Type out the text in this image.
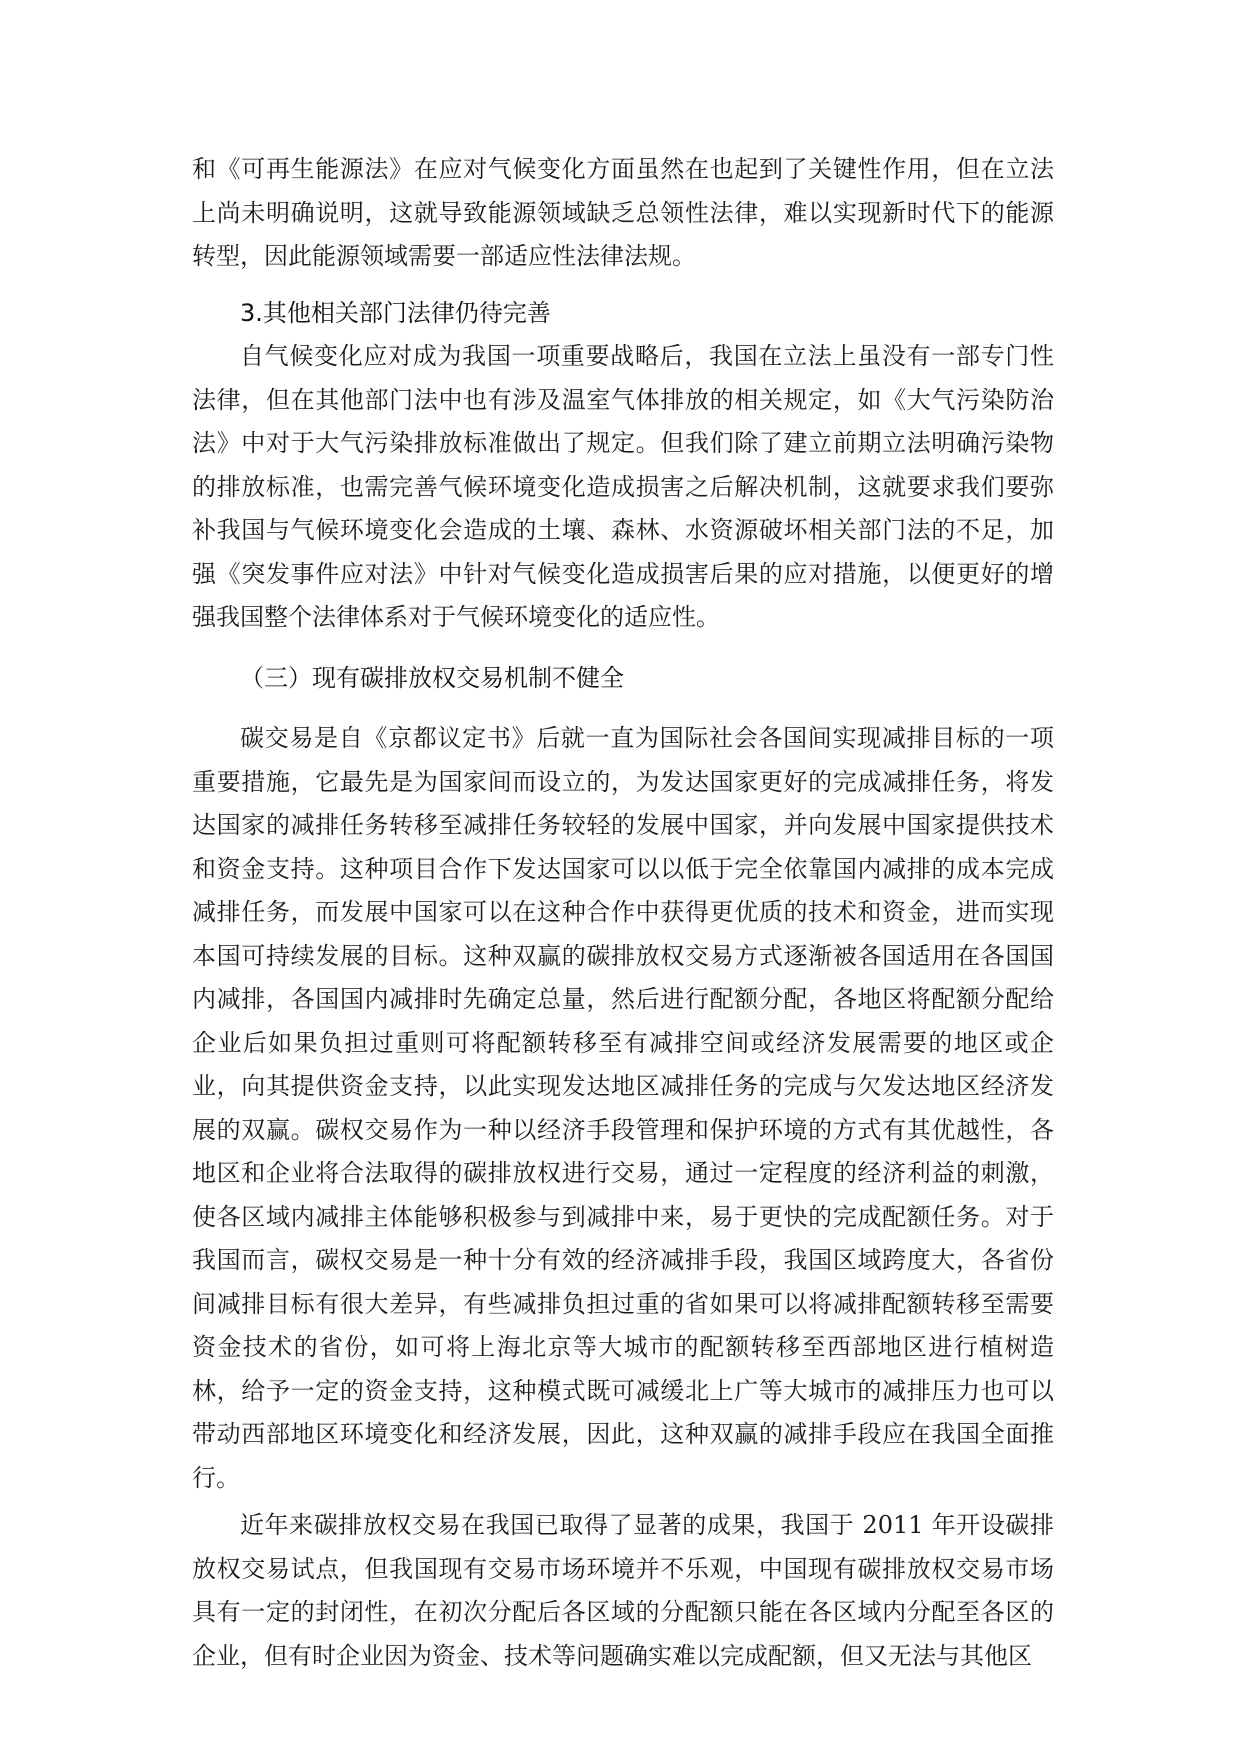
和《可再生能源法》在应对气候变化方面虽然在也起到了关键性作用，但在立法上尚未明确说明，这就导致能源领域缺乏总领性法律，难以实现新时代下的能源转型，因此能源领域需要一部适应性法律法规。

3.其他相关部门法律仍待完善

自气候变化应对成为我国一项重要战略后，我国在立法上虽没有一部专门性法律，但在其他部门法中也有涉及温室气体排放的相关规定，如《大气污染防治法》中对于大气污染排放标准做出了规定。但我们除了建立前期立法明确污染物的排放标准，也需完善气候环境变化造成损害之后解决机制，这就要求我们要弥补我国与气候环境变化会造成的土壤、森林、水资源破坏相关部门法的不足，加强《突发事件应对法》中针对气候变化造成损害后果的应对措施，以便更好的增强我国整个法律体系对于气候环境变化的适应性。

（三）现有碳排放权交易机制不健全

碳交易是自《京都议定书》后就一直为国际社会各国间实现减排目标的一项重要措施，它最先是为国家间而设立的，为发达国家更好的完成减排任务，将发达国家的减排任务转移至减排任务较轻的发展中国家，并向发展中国家提供技术和资金支持。这种项目合作下发达国家可以以低于完全依靠国内减排的成本完成减排任务，而发展中国家可以在这种合作中获得更优质的技术和资金，进而实现本国可持续发展的目标。这种双赢的碳排放权交易方式逐渐被各国适用在各国国内减排，各国国内减排时先确定总量，然后进行配额分配，各地区将配额分配给企业后如果负担过重则可将配额转移至有减排空间或经济发展需要的地区或企业，向其提供资金支持，以此实现发达地区减排任务的完成与欠发达地区经济发展的双赢。碳权交易作为一种以经济手段管理和保护环境的方式有其优越性，各地区和企业将合法取得的碳排放权进行交易，通过一定程度的经济利益的刺激，使各区域内减排主体能够积极参与到减排中来，易于更快的完成配额任务。对于我国而言，碳权交易是一种十分有效的经济减排手段，我国区域跨度大，各省份间减排目标有很大差异，有些减排负担过重的省如果可以将减排配额转移至需要资金技术的省份，如可将上海北京等大城市的配额转移至西部地区进行植树造林，给予一定的资金支持，这种模式既可减缓北上广等大城市的减排压力也可以带动西部地区环境变化和经济发展，因此，这种双赢的减排手段应在我国全面推行。

近年来碳排放权交易在我国已取得了显著的成果，我国于 2011 年开设碳排放权交易试点，但我国现有交易市场环境并不乐观，中国现有碳排放权交易市场具有一定的封闭性，在初次分配后各区域的分配额只能在各区域内分配至各区的企业，但有时企业因为资金、技术等问题确实难以完成配额，但又无法与其他区
